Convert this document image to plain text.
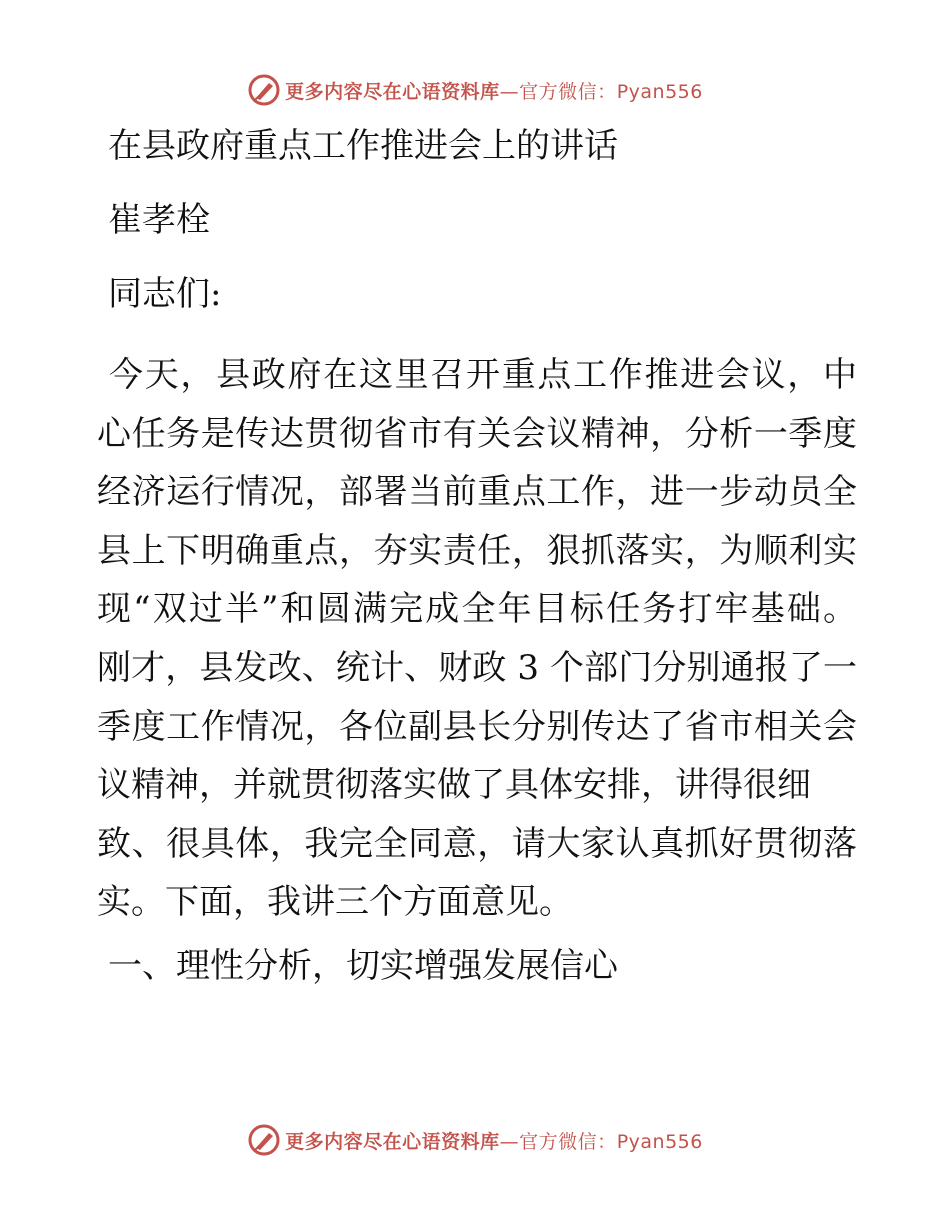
更多内容尽在心语资料库—官方微信：Pyan556

在县政府重点工作推进会上的讲话

崔孝栓

同志们:

今天，县政府在这里召开重点工作推进会议，中
心任务是传达贯彻省市有关会议精神，分析一季度
经济运行情况，部署当前重点工作，进一步动员全
县上下明确重点，夯实责任，狠抓落实，为顺利实
现“双过半”和圆满完成全年目标任务打牢基础。
刚才，县发改、统计、财政 3 个部门分别通报了一
季度工作情况，各位副县长分别传达了省市相关会
议精神，并就贯彻落实做了具体安排，讲得很细
致、很具体，我完全同意，请大家认真抓好贯彻落
实。下面，我讲三个方面意见。

一、理性分析，切实增强发展信心

更多内容尽在心语资料库—官方微信：Pyan556
